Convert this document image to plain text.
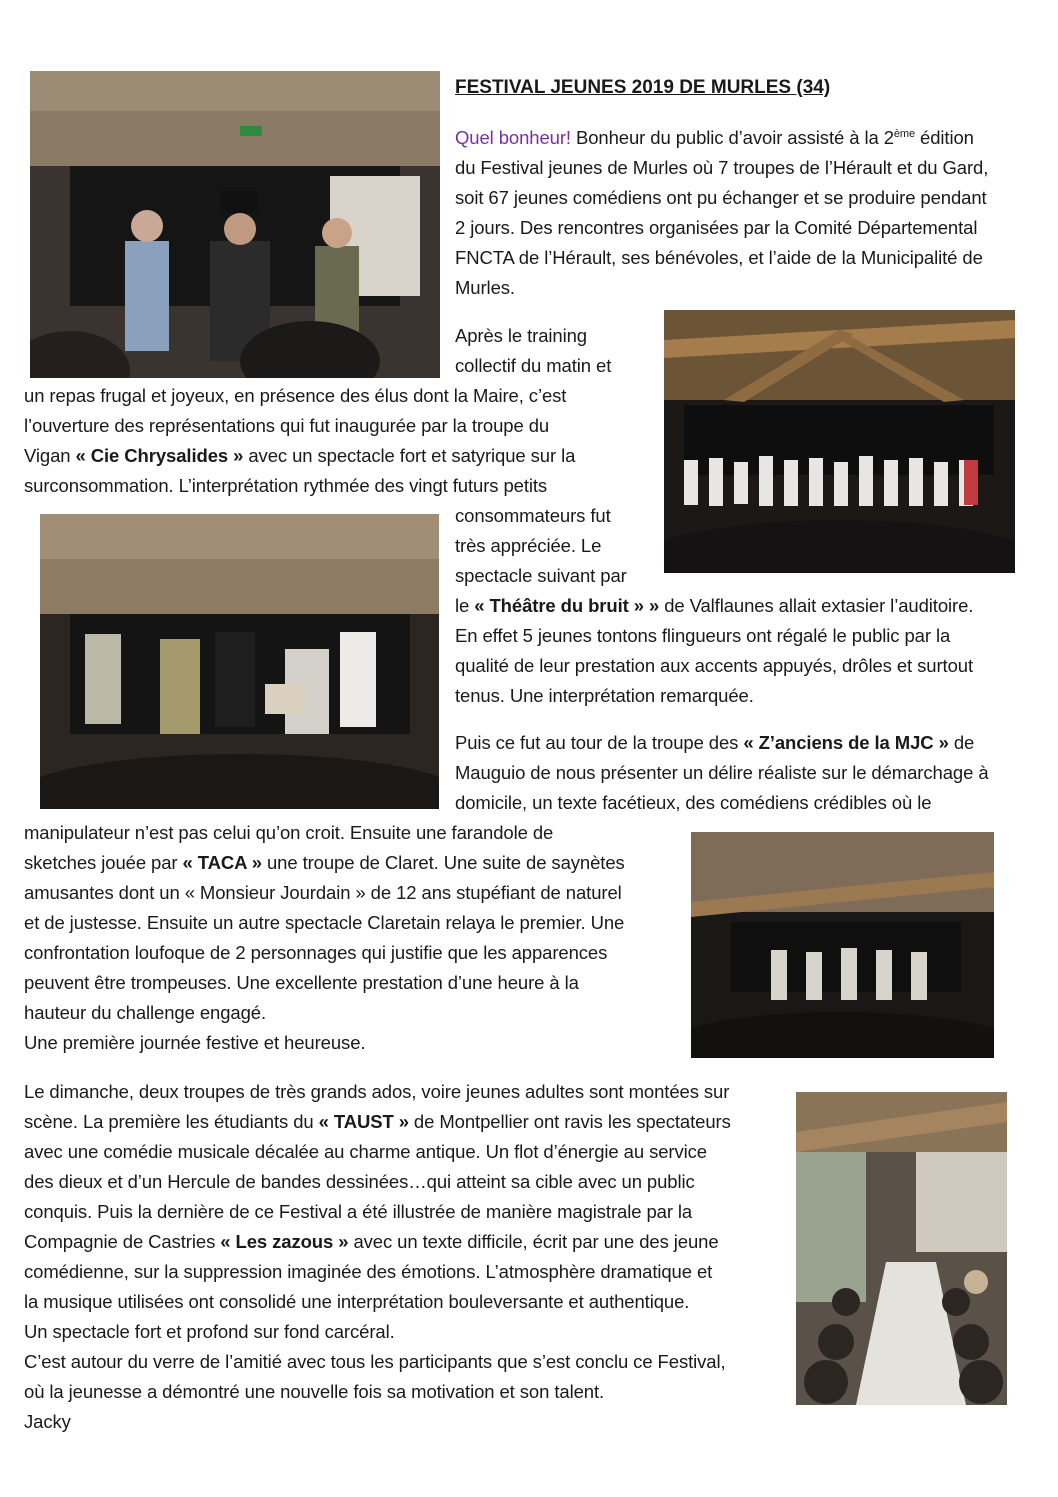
FESTIVAL JEUNES 2019 DE MURLES (34)
Quel bonheur! Bonheur du public d’avoir assisté à la 2ème édition
du Festival jeunes de Murles où 7 troupes de l’Hérault et du Gard,
soit 67 jeunes comédiens ont pu échanger et se produire pendant
2 jours. Des rencontres organisées par la Comité Départemental
FNCTA de l’Hérault, ses bénévoles, et l’aide de la Municipalité de
Murles.
Après le training
collectif du matin et
un repas frugal et joyeux, en présence des élus dont la Maire, c’est
l’ouverture des représentations qui fut inaugurée par la troupe du
Vigan « Cie Chrysalides » avec un spectacle fort et satyrique sur la
surconsommation. L’interprétation rythmée des vingt futurs petits
consommateurs fut
très appréciée. Le
spectacle suivant par
le « Théâtre du bruit » » de Valflaunes allait extasier l’auditoire.
En effet 5 jeunes tontons flingueurs ont régalé le public par la
qualité de leur prestation aux accents appuyés, drôles et surtout
tenus. Une interprétation remarquée.
Puis ce fut au tour de la troupe des « Z’anciens de la MJC » de
Mauguio de nous présenter un délire réaliste sur le démarchage à
domicile, un texte facétieux, des comédiens crédibles où le
manipulateur n’est pas celui qu’on croit. Ensuite une farandole de
sketches jouée par « TACA » une troupe de Claret. Une suite de saynètes
amusantes dont un « Monsieur Jourdain » de 12 ans stupéfiant de naturel
et de justesse. Ensuite un autre spectacle Claretain relaya le premier. Une
confrontation loufoque de 2 personnages qui justifie que les apparences
peuvent être trompeuses. Une excellente prestation d’une heure à la
hauteur du challenge engagé.
Une première journée festive et heureuse.
Le dimanche, deux troupes de très grands ados, voire jeunes adultes sont montées sur
scène. La première les étudiants du « TAUST » de Montpellier ont ravis les spectateurs
avec une comédie musicale décalée au charme antique. Un flot d’énergie au service
des dieux et d’un Hercule de bandes dessinées…qui atteint sa cible avec un public
conquis. Puis la dernière de ce Festival a été illustrée de manière magistrale par la
Compagnie de Castries « Les zazous » avec un texte difficile, écrit par une des jeune
comédienne, sur la suppression imaginée des émotions. L’atmosphère dramatique et
la musique utilisées ont consolidé une interprétation bouleversante et authentique.
Un spectacle fort et profond sur fond carcéral.
C’est autour du verre de l’amitié avec tous les participants que s’est conclu ce Festival,
où la jeunesse a démontré une nouvelle fois sa motivation et son talent.
Jacky
